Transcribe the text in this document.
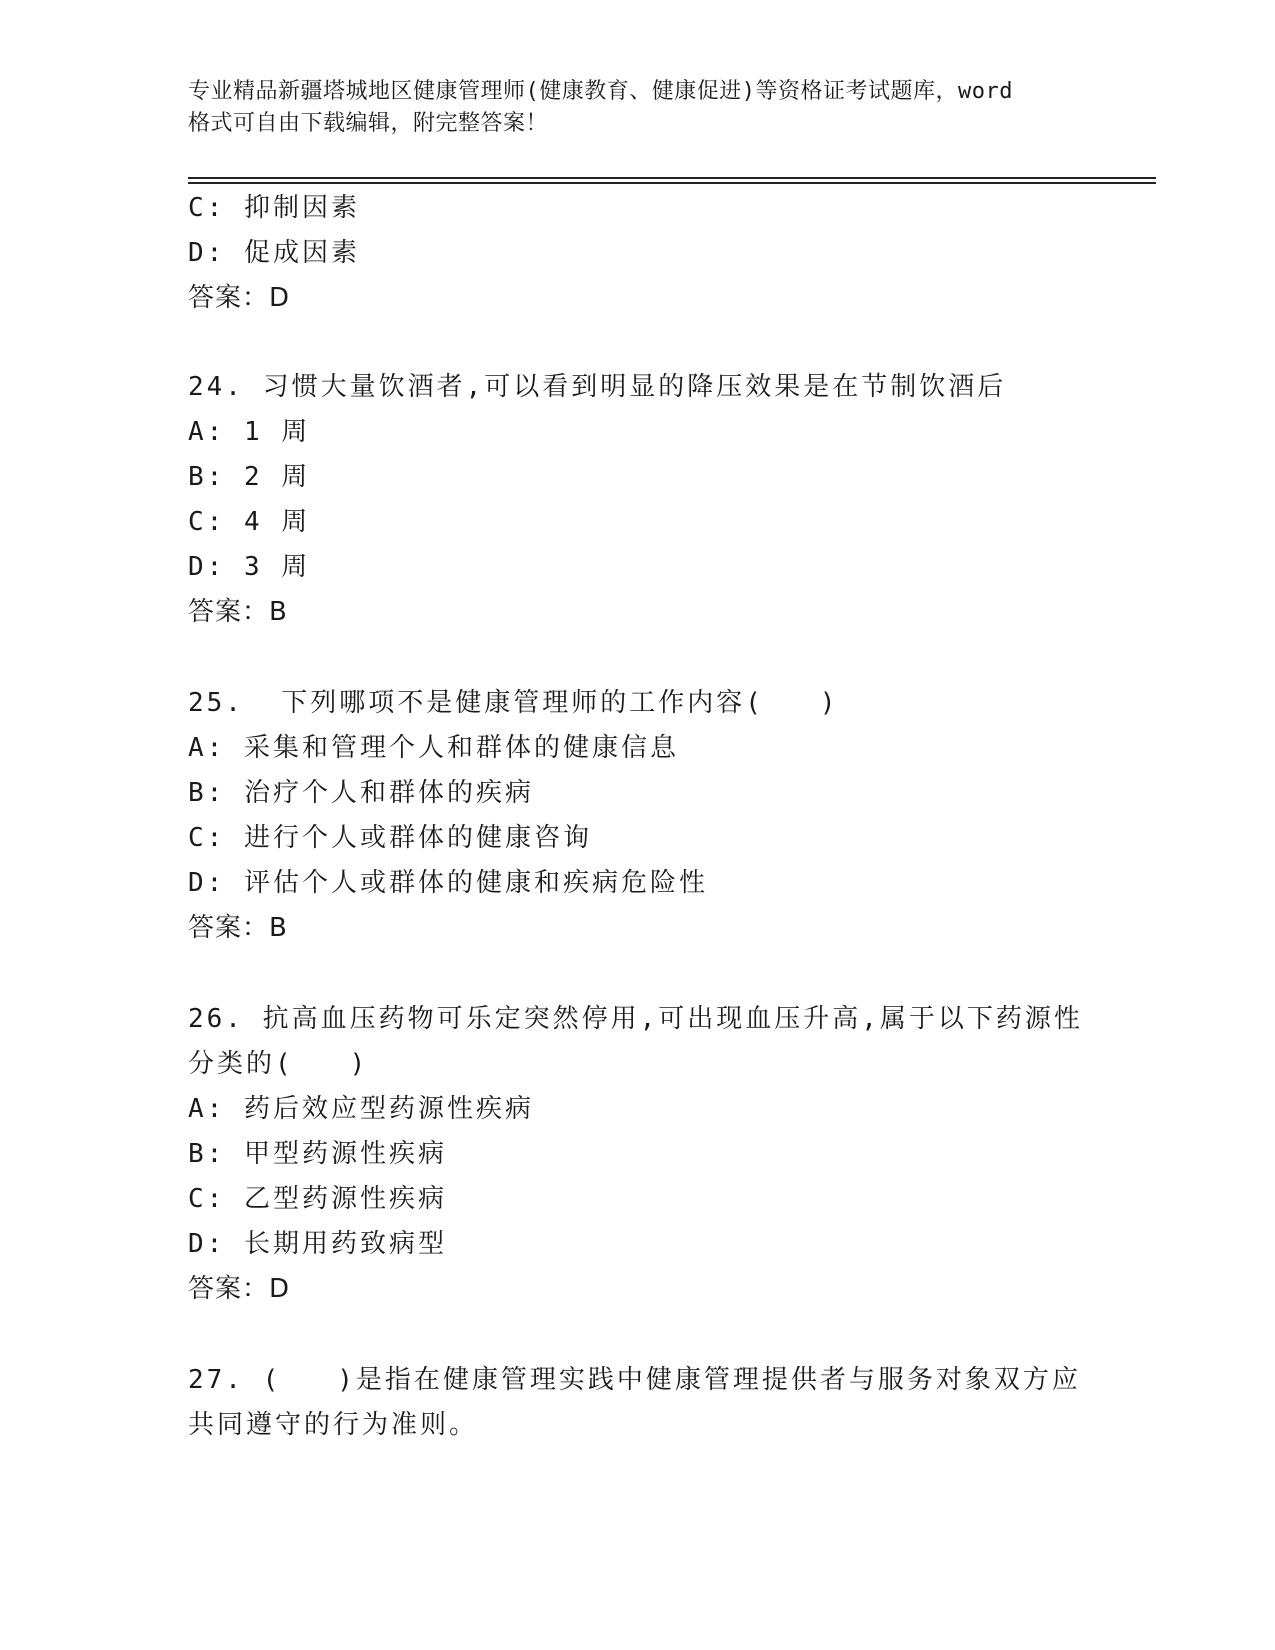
专业精品新疆塔城地区健康管理师(健康教育、健康促进)等资格证考试题库，word
格式可自由下载编辑，附完整答案！
C: 抑制因素
D: 促成因素
答案：D
24. 习惯大量饮酒者,可以看到明显的降压效果是在节制饮酒后
A: 1 周
B: 2 周
C: 4 周
D: 3 周
答案：B
25.  下列哪项不是健康管理师的工作内容(   )
A: 采集和管理个人和群体的健康信息
B: 治疗个人和群体的疾病
C: 进行个人或群体的健康咨询
D: 评估个人或群体的健康和疾病危险性
答案：B
26. 抗高血压药物可乐定突然停用,可出现血压升高,属于以下药源性
分类的(   )
A: 药后效应型药源性疾病
B: 甲型药源性疾病
C: 乙型药源性疾病
D: 长期用药致病型
答案：D
27. (   )是指在健康管理实践中健康管理提供者与服务对象双方应
共同遵守的行为准则。
